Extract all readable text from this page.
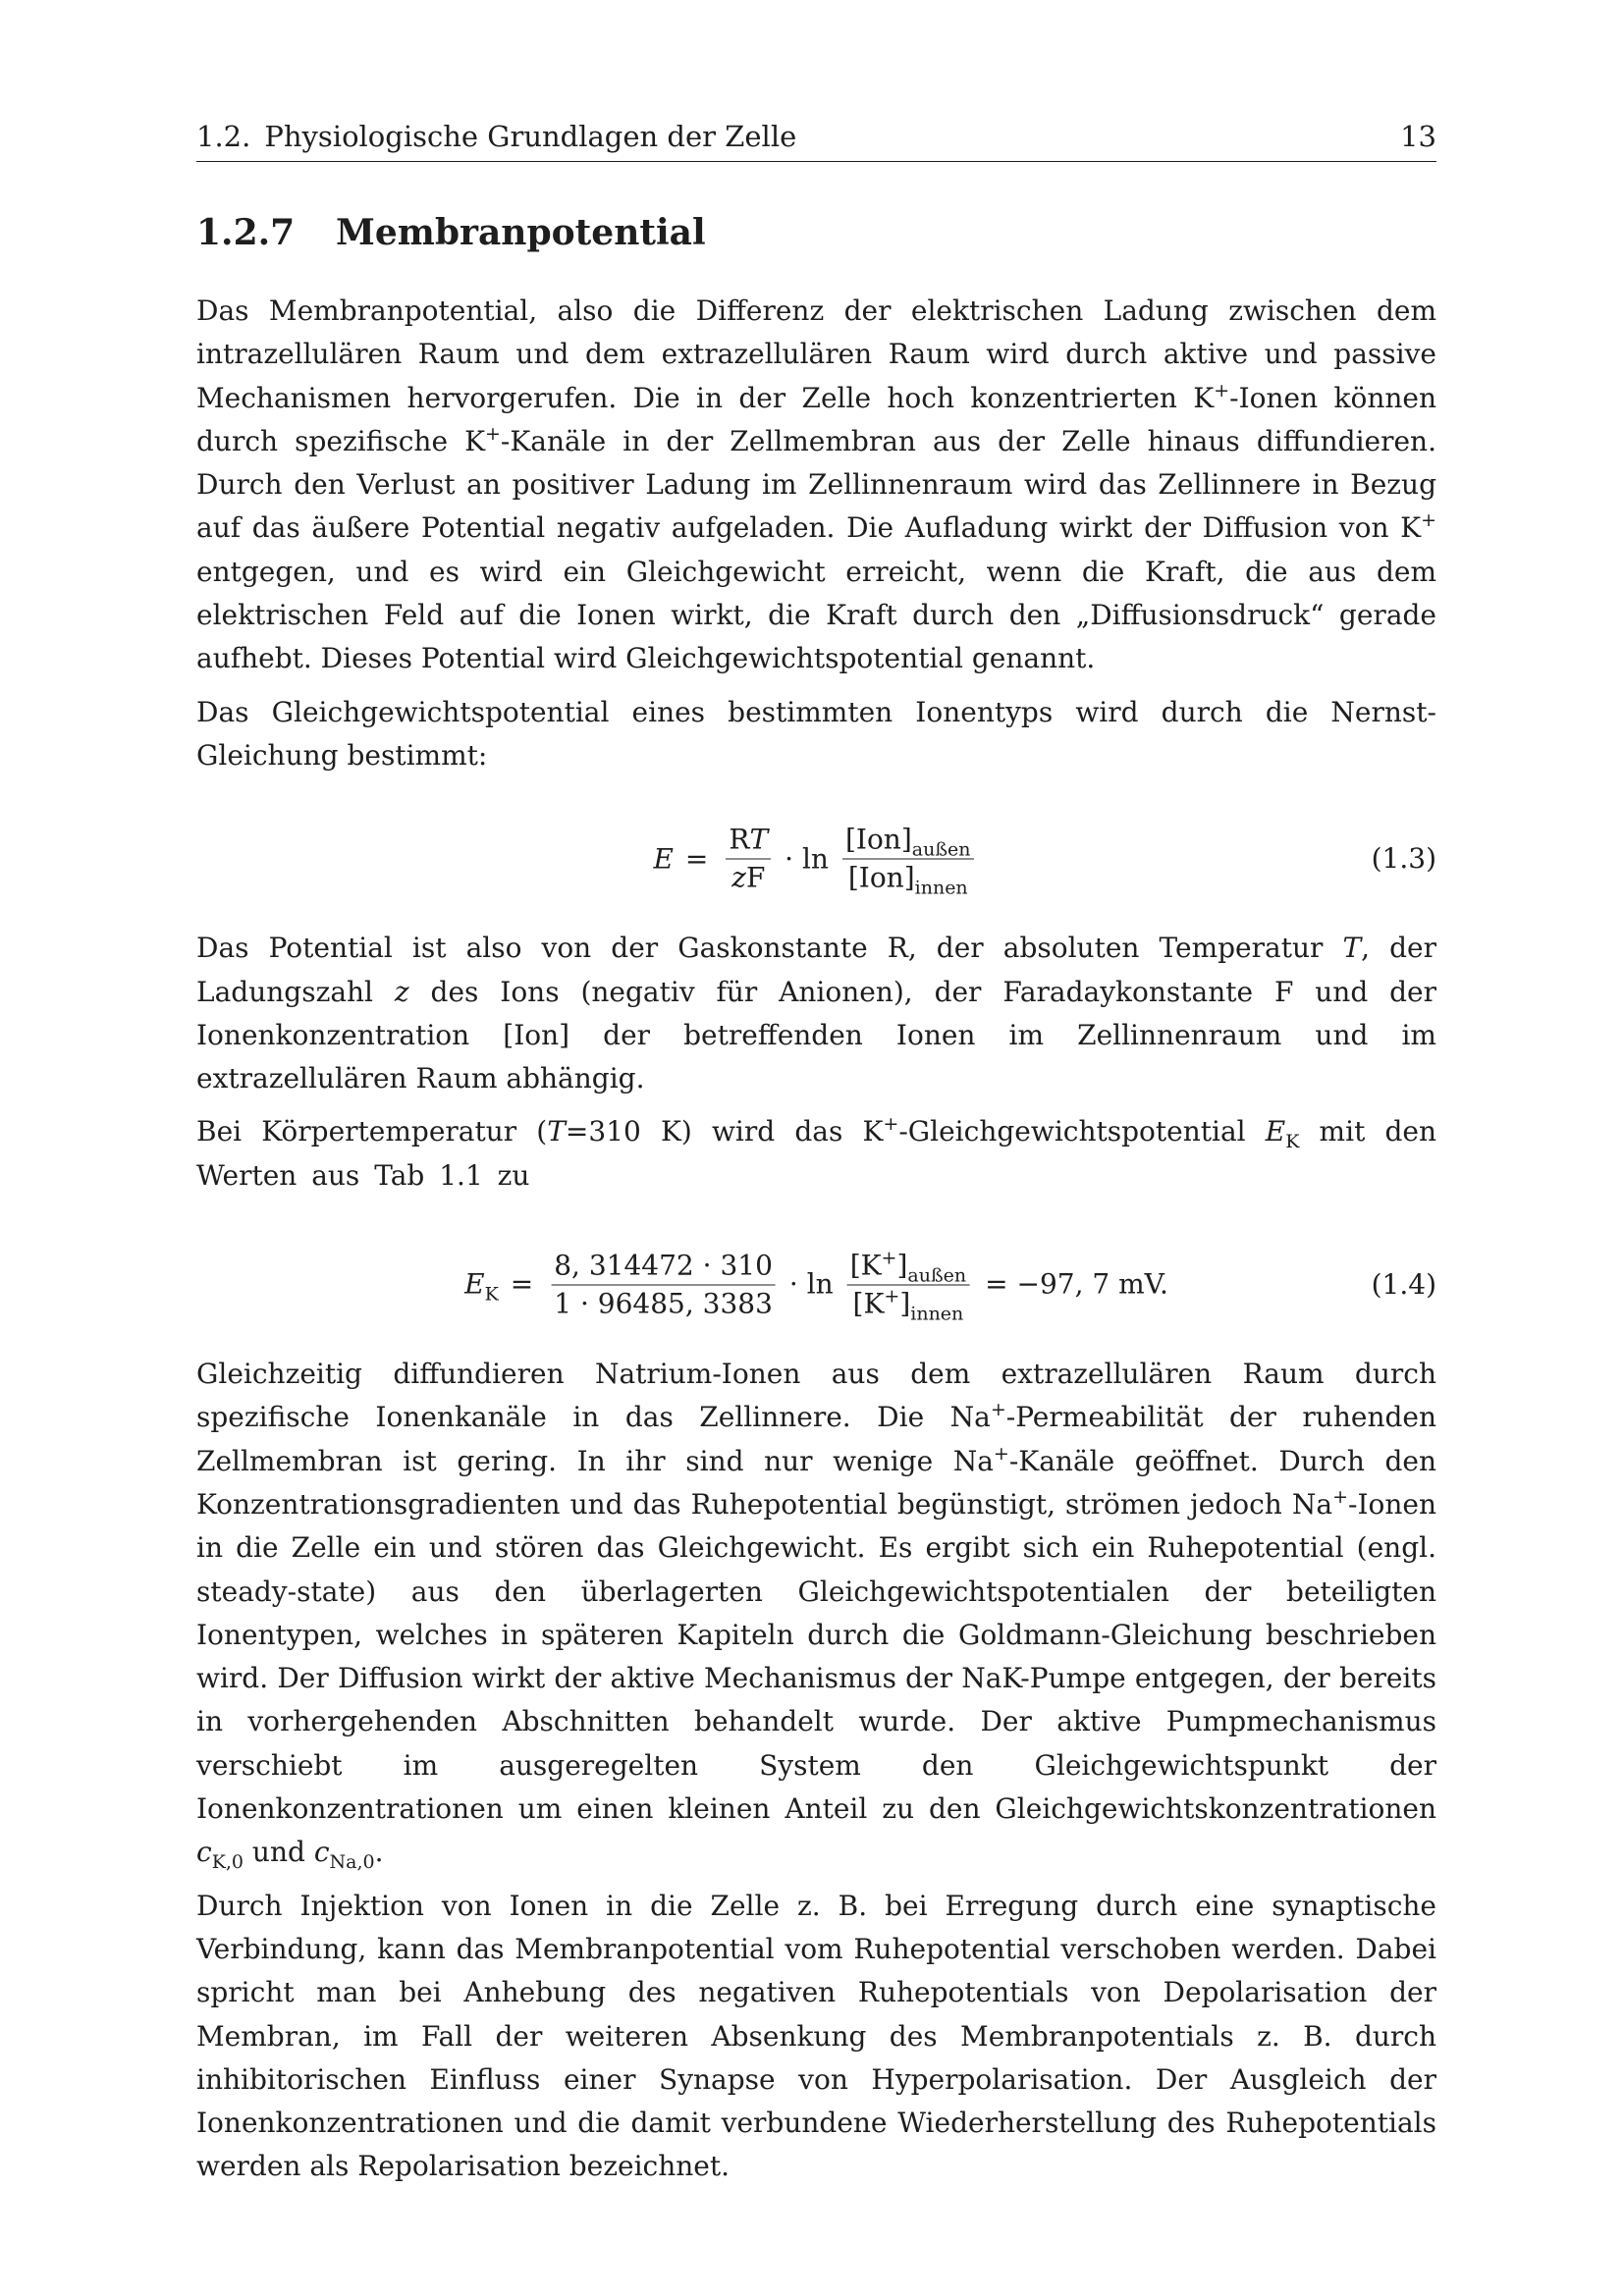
1.2. Physiologische Grundlagen der Zelle	13
1.2.7 Membranpotential

Das Membranpotential, also die Differenz der elektrischen Ladung zwischen dem intrazellulären Raum und dem extrazellulären Raum wird durch aktive und passive Mechanismen hervorgerufen. Die in der Zelle hoch konzentrierten K+-Ionen können durch spezifische K+-Kanäle in der Zellmembran aus der Zelle hinaus diffundieren. Durch den Verlust an positiver Ladung im Zellinnenraum wird das Zellinnere in Bezug auf das äußere Potential negativ aufgeladen. Die Aufladung wirkt der Diffusion von K+ entgegen, und es wird ein Gleichgewicht erreicht, wenn die Kraft, die aus dem elektrischen Feld auf die Ionen wirkt, die Kraft durch den „Diffusionsdruck“ gerade aufhebt. Dieses Potential wird Gleichgewichtspotential genannt.

Das Gleichgewichtspotential eines bestimmten Ionentyps wird durch die Nernst-Gleichung bestimmt:

$E = \frac{RT}{zF} \cdot \ln \frac{[Ion]_{außen}}{[Ion]_{innen}}$	(1.3)

Das Potential ist also von der Gaskonstante R, der absoluten Temperatur T, der Ladungszahl z des Ions (negativ für Anionen), der Faradaykonstante F und der Ionenkonzentration [Ion] der betreffenden Ionen im Zellinnenraum und im extrazellulären Raum abhängig.

Bei Körpertemperatur (T=310 K) wird das K+-Gleichgewichtspotential $E_K$ mit den Werten aus Tab 1.1 zu

$E_K = \frac{8, 314472 \cdot 310}{1 \cdot 96485, 3383} \cdot \ln \frac{[K^+]_{außen}}{[K^+]_{innen}} = -97$, 7 mV.	(1.4)

Gleichzeitig diffundieren Natrium-Ionen aus dem extrazellulären Raum durch spezifische Ionenkanäle in das Zellinnere. Die Na+-Permeabilität der ruhenden Zellmembran ist gering. In ihr sind nur wenige Na+-Kanäle geöffnet. Durch den Konzentrationsgradienten und das Ruhepotential begünstigt, strömen jedoch Na+-Ionen in die Zelle ein und stören das Gleichgewicht. Es ergibt sich ein Ruhepotential (engl. steady-state) aus den überlagerten Gleichgewichtspotentialen der beteiligten Ionentypen, welches in späteren Kapiteln durch die Goldmann-Gleichung beschrieben wird. Der Diffusion wirkt der aktive Mechanismus der NaK-Pumpe entgegen, der bereits in vorhergehenden Abschnitten behandelt wurde. Der aktive Pumpmechanismus verschiebt im ausgeregelten System den Gleichgewichtspunkt der Ionenkonzentrationen um einen kleinen Anteil zu den Gleichgewichtskonzentrationen $c_{K,0}$ und $c_{Na,0}$.

Durch Injektion von Ionen in die Zelle z. B. bei Erregung durch eine synaptische Verbindung, kann das Membranpotential vom Ruhepotential verschoben werden. Dabei spricht man bei Anhebung des negativen Ruhepotentials von Depolarisation der Membran, im Fall der weiteren Absenkung des Membranpotentials z. B. durch inhibitorischen Einfluss einer Synapse von Hyperpolarisation. Der Ausgleich der Ionenkonzentrationen und die damit verbundene Wiederherstellung des Ruhepotentials werden als Repolarisation bezeichnet.
